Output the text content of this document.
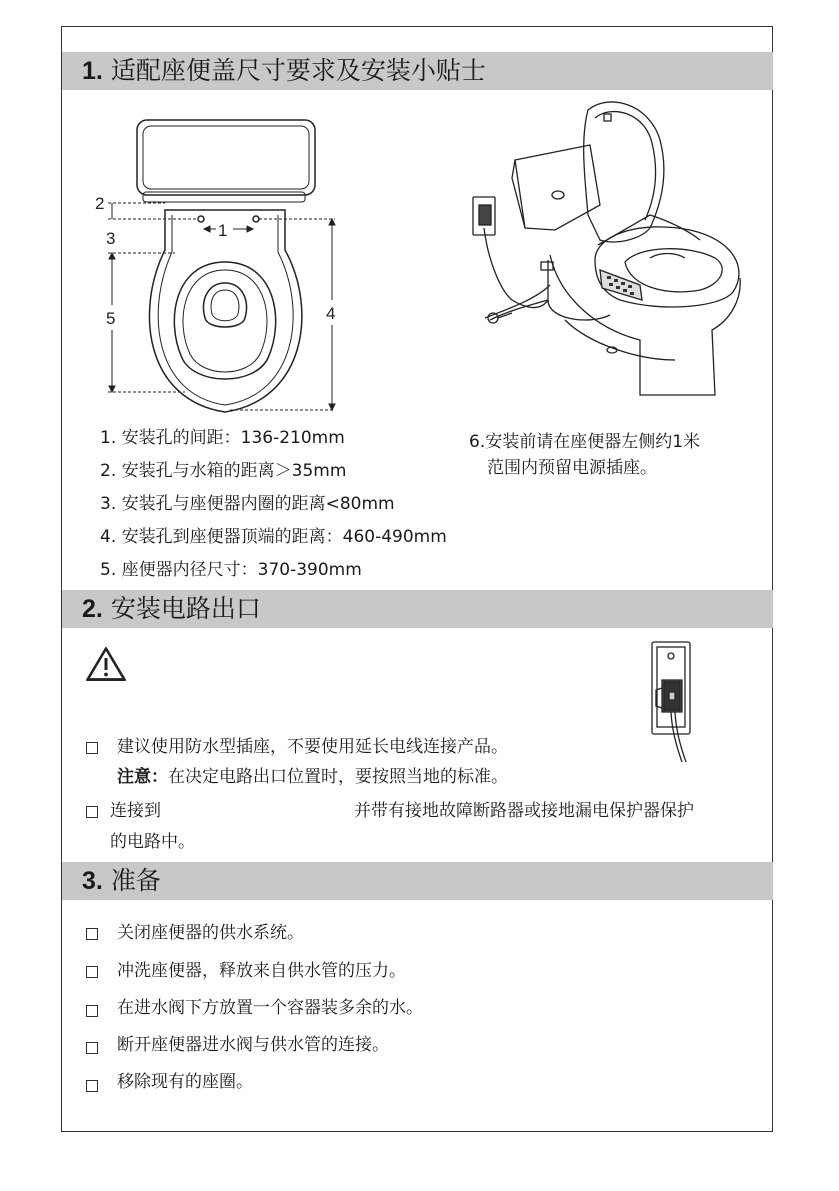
1. 适配座便盖尺寸要求及安装小贴士
1
2
3
5	4
1. 安装孔的间距：136-210mm
2. 安装孔与水箱的距离＞35mm
3. 安装孔与座便器内圈的距离<80mm
4. 安装孔到座便器顶端的距离：460-490mm
5. 座便器内径尺寸：370-390mm
6.安装前请在座便器左侧约1米
范围内预留电源插座。
2. 安装电路出口
建议使用防水型插座，不要使用延长电线连接产品。
注意：在决定电路出口位置时，要按照当地的标准。
连接到	并带有接地故障断路器或接地漏电保护器保护
的电路中。
3. 准备
关闭座便器的供水系统。
冲洗座便器，释放来自供水管的压力。
在进水阀下方放置一个容器装多余的水。
断开座便器进水阀与供水管的连接。
移除现有的座圈。
